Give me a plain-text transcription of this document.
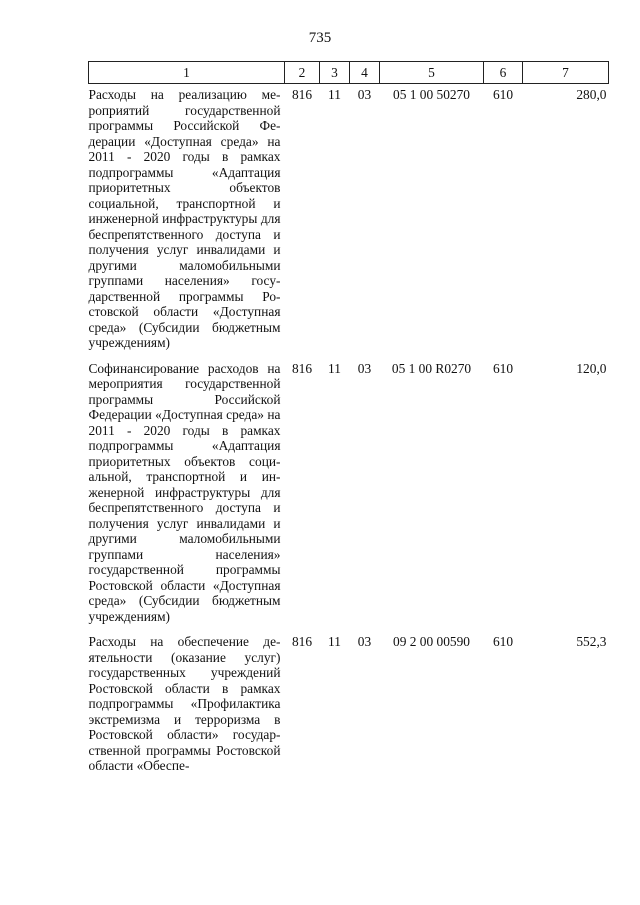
735
1	2	3	4	5	6	7
Расходы на реализацию мероприятий государственной программы Российской Федерации «Доступная среда» на 2011 - 2020 годы в рамках подпрограммы «Адаптация приоритетных объектов социальной, транспортной и инженерной инфраструктуры для беспрепятственного доступа и получения услуг инвалидами и другими маломобильными группами населения» государственной программы Ростовской области «Доступная среда» (Субсидии бюджетным учреждениям)	816	11	03	05 1 00 50270	610	280,0
Софинансирование расходов на мероприятия государственной программы Российской Федерации «Доступная среда» на 2011 - 2020 годы в рамках подпрограммы «Адаптация приоритетных объектов социальной, транспортной и инженерной инфраструктуры для беспрепятственного доступа и получения услуг инвалидами и другими маломобильными группами населения» государственной программы Ростовской области «Доступная среда» (Субсидии бюджетным учреждениям)	816	11	03	05 1 00 R0270	610	120,0
Расходы на обеспечение деятельности (оказание услуг) государственных учреждений Ростовской области в рамках подпрограммы «Профилактика экстремизма и терроризма в Ростовской области» государственной программы Ростовской области «Обеспе-	816	11	03	09 2 00 00590	610	552,3
